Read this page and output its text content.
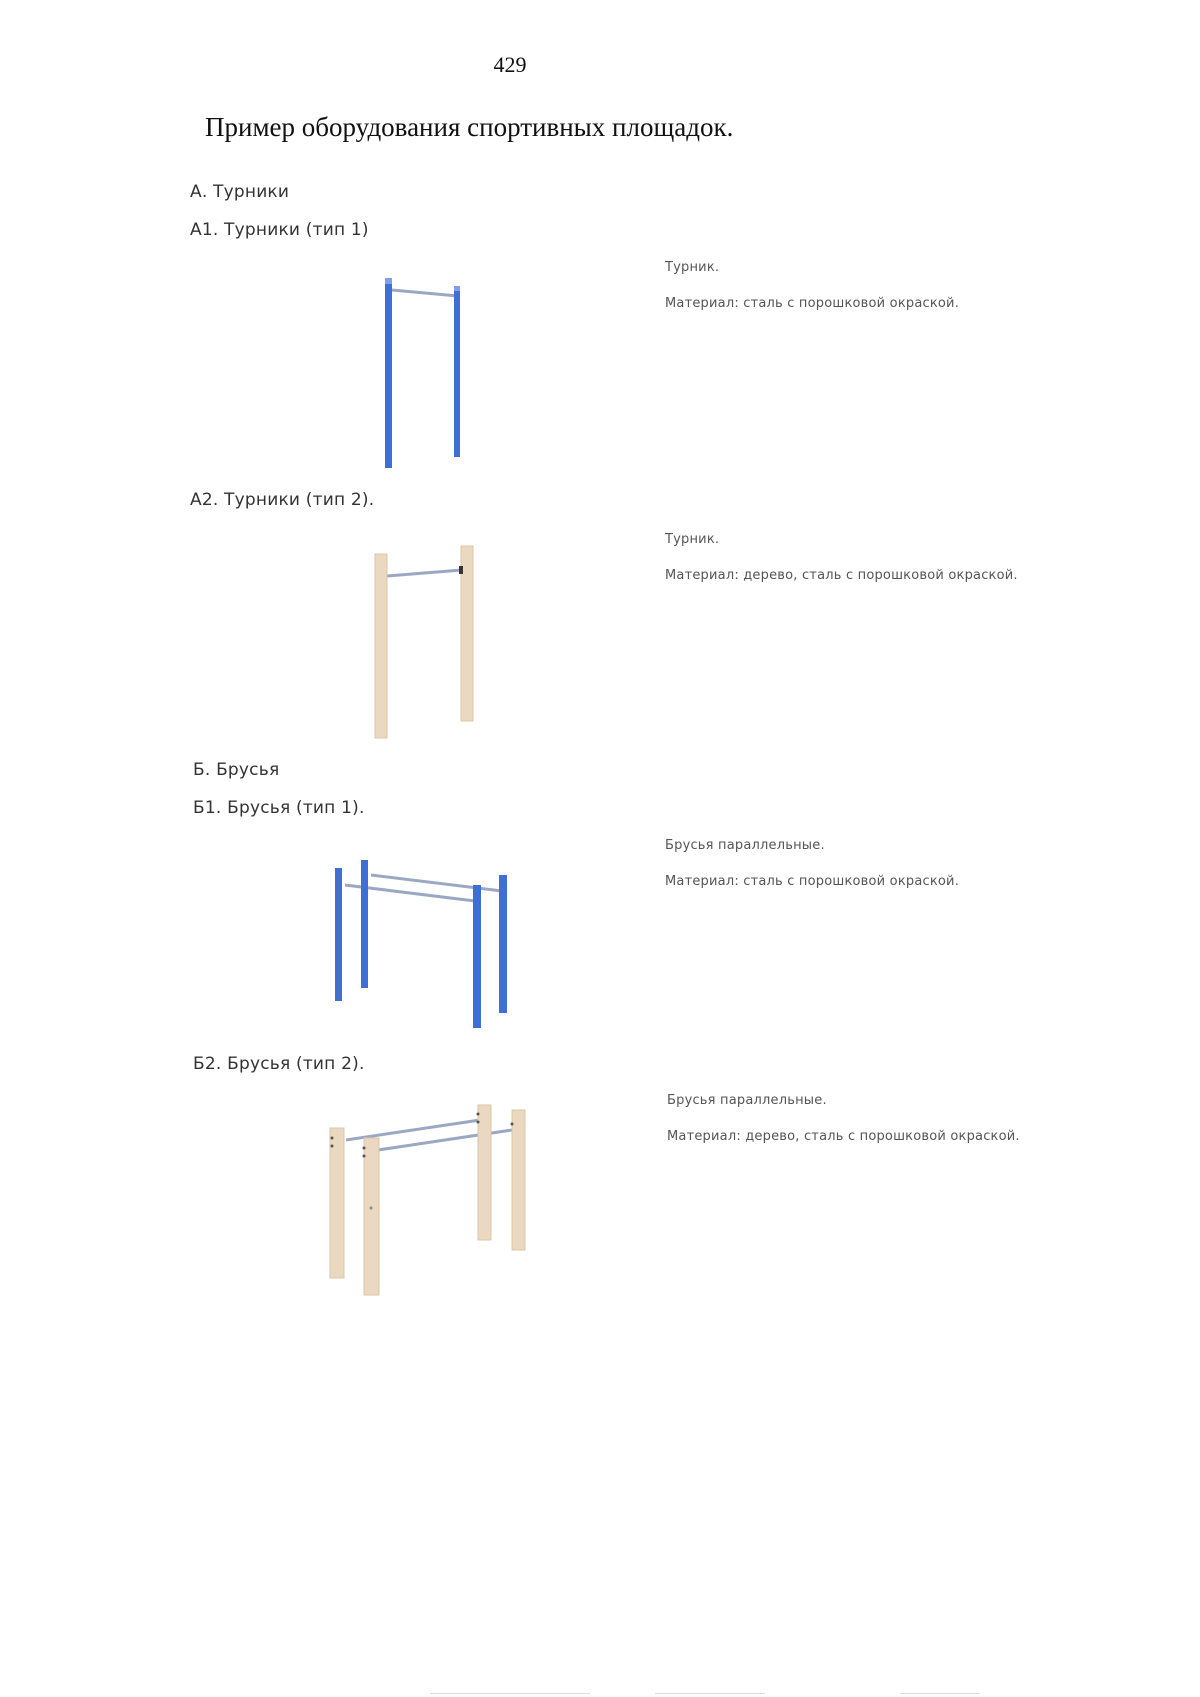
429
Пример оборудования спортивных площадок.
А. Турники
А1. Турники (тип 1)
Турник.
Материал: сталь с порошковой окраской.
А2. Турники (тип 2).
Турник.
Материал: дерево, сталь с порошковой окраской.
Б. Брусья
Б1. Брусья (тип 1).
Брусья параллельные.
Материал: сталь с порошковой окраской.
Б2. Брусья (тип 2).
Брусья параллельные.
Материал: дерево, сталь с порошковой окраской.
